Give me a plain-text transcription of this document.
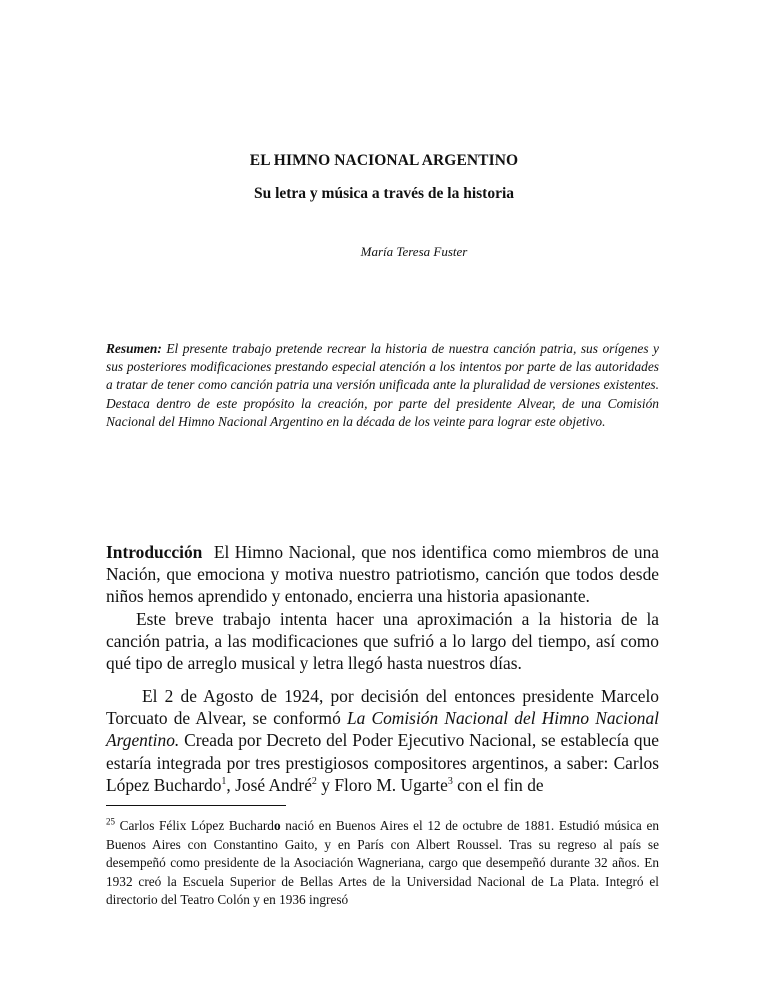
EL HIMNO NACIONAL ARGENTINO
Su letra y música a través de la historia
María Teresa Fuster
Resumen: El presente trabajo pretende recrear la historia de nuestra canción patria, sus orígenes y sus posteriores modificaciones prestando especial atención a los intentos por parte de las autoridades a tratar de tener como canción patria una versión unificada ante la pluralidad de versiones existentes. Destaca dentro de este propósito la creación, por parte del presidente Alvear, de una Comisión Nacional del Himno Nacional Argentino en la década de los veinte para lograr este objetivo.

Introducción El Himno Nacional, que nos identifica como miembros de una Nación, que emociona y motiva nuestro patriotismo, canción que todos desde niños hemos aprendido y entonado, encierra una historia apasionante.

Este breve trabajo intenta hacer una aproximación a la historia de la canción patria, a las modificaciones que sufrió a lo largo del tiempo, así como qué tipo de arreglo musical y letra llegó hasta nuestros días.

El 2 de Agosto de 1924, por decisión del entonces presidente Marcelo Torcuato de Alvear, se conformó La Comisión Nacional del Himno Nacional Argentino. Creada por Decreto del Poder Ejecutivo Nacional, se establecía que estaría integrada por tres prestigiosos compositores argentinos, a saber: Carlos López Buchardo$^1$, José André$^2$ y Floro M. Ugarte$^3$ con el fin de
$^{25}$ Carlos Félix López Buchardo nació en Buenos Aires el 12 de octubre de 1881. Estudió música en Buenos Aires con Constantino Gaito, y en París con Albert Roussel. Tras su regreso al país se desempeñó como presidente de la Asociación Wagneriana, cargo que desempeñó durante 32 años. En 1932 creó la Escuela Superior de Bellas Artes de la Universidad Nacional de La Plata. Integró el directorio del Teatro Colón y en 1936 ingresó
